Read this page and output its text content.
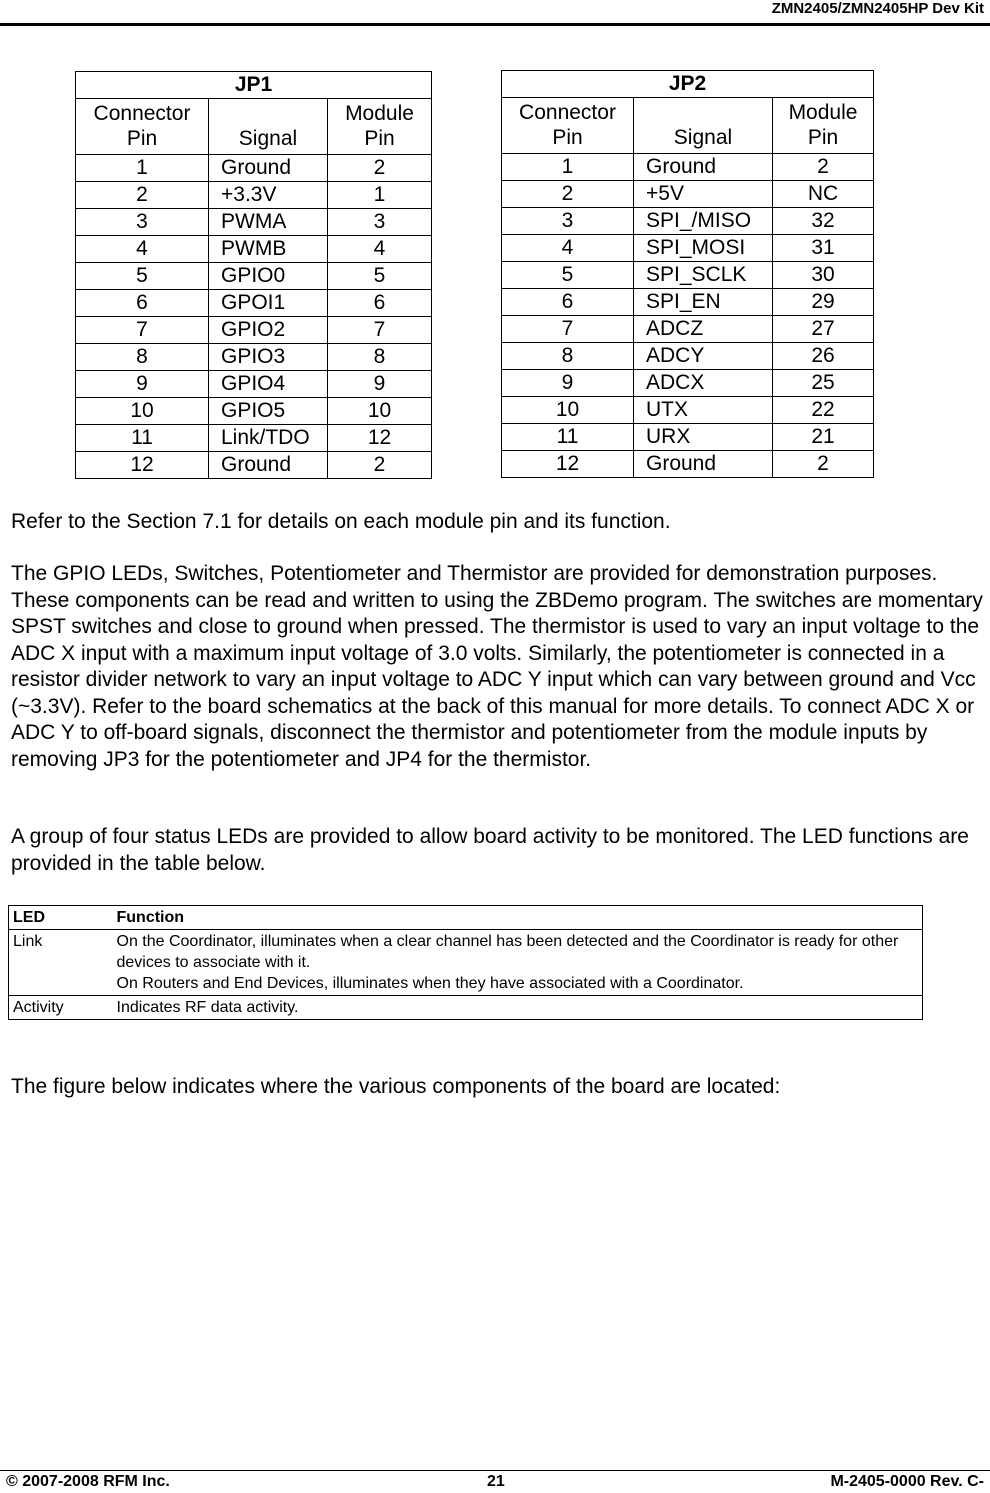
ZMN2405/ZMN2405HP Dev Kit
JP1		
Connector Pin	Signal	Module Pin
1	Ground	2
2	+3.3V	1
3	PWMA	3
4	PWMB	4
5	GPIO0	5
6	GPOI1	6
7	GPIO2	7
8	GPIO3	8
9	GPIO4	9
10	GPIO5	10
11	Link/TDO	12
12	Ground	2
JP2		
Connector Pin	Signal	Module Pin
1	Ground	2
2	+5V	NC
3	SPI_/MISO	32
4	SPI_MOSI	31
5	SPI_SCLK	30
6	SPI_EN	29
7	ADCZ	27
8	ADCY	26
9	ADCX	25
10	UTX	22
11	URX	21
12	Ground	2

Refer to the Section 7.1 for details on each module pin and its function.

The GPIO LEDs, Switches, Potentiometer and Thermistor are provided for demonstration purposes. These components can be read and written to using the ZBDemo program. The switches are momentary SPST switches and close to ground when pressed. The thermistor is used to vary an input voltage to the ADC X input with a maximum input voltage of 3.0 volts. Similarly, the potentiometer is connected in a resistor divider network to vary an input voltage to ADC Y input which can vary between ground and Vcc (~3.3V). Refer to the board schematics at the back of this manual for more details. To connect ADC X or ADC Y to off-board signals, disconnect the thermistor and potentiometer from the module inputs by removing JP3 for the potentiometer and JP4 for the thermistor.

A group of four status LEDs are provided to allow board activity to be monitored. The LED functions are provided in the table below.

LED	Function
Link	On the Coordinator, illuminates when a clear channel has been detected and the Coordinator is ready for other devices to associate with it.
On Routers and End Devices, illuminates when they have associated with a Coordinator.

Activity	Indicates RF data activity.

The figure below indicates where the various components of the board are located:

© 2007-2008 RFM Inc.	21	M-2405-0000 Rev. C-
